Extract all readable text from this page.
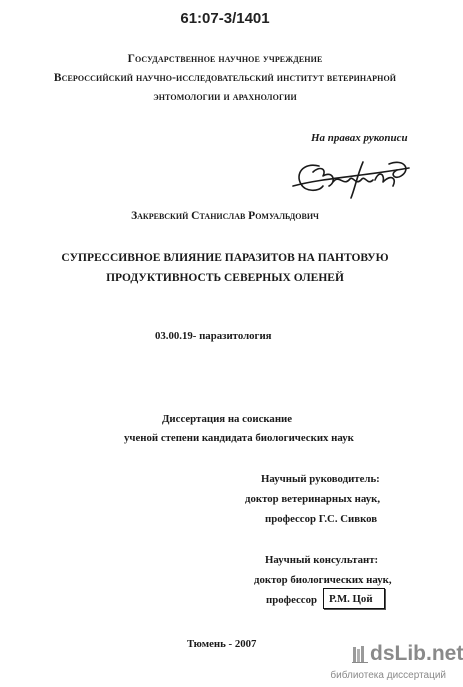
61:07-3/1401
Государственное научное учреждение
Всероссийский научно-исследовательский институт ветеринарной
энтомологии и арахнологии
На правах рукописи
Закревский Станислав Ромуальдович
СУПРЕССИВНОЕ ВЛИЯНИЕ ПАРАЗИТОВ НА ПАНТОВУЮ
ПРОДУКТИВНОСТЬ СЕВЕРНЫХ ОЛЕНЕЙ
03.00.19- паразитология
Диссертация на соискание
ученой степени кандидата биологических наук
Научный руководитель:
доктор ветеринарных наук,
профессор Г.С. Сивков
Научный консультант:
доктор биологических наук,
профессор Р.М. Цой
Тюмень - 2007	dsLib.net
библиотека диссертаций
